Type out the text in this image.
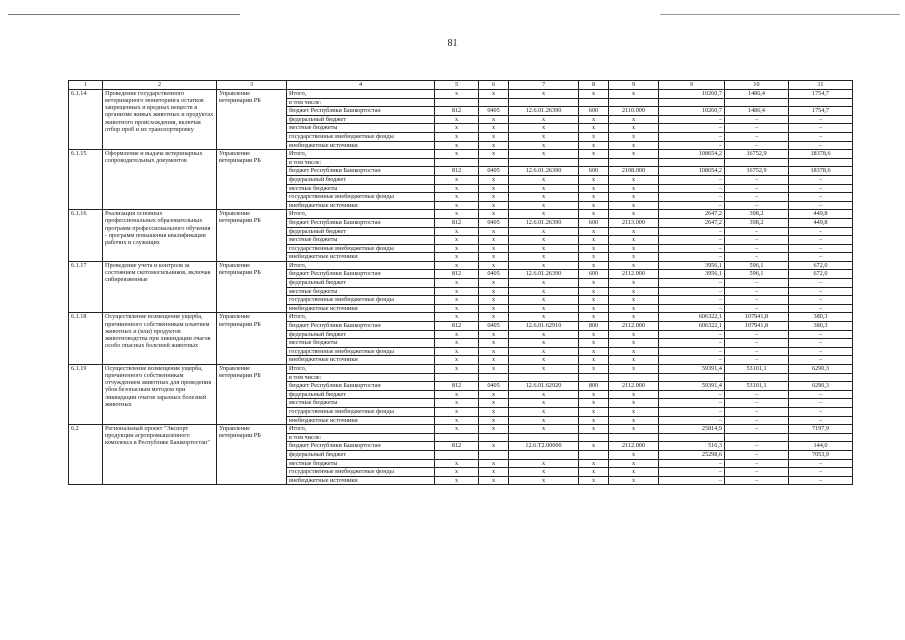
81
1	2	3	4	5	6	7	8	9	9	10	11
6.1.14	Проведение государственного ветеринарного мониторинга остатков запрещенных и вредных веществ в организме живых животных и продуктах животного происхождения, включая отбор проб и их транспортировку	Управление ветеринарии РБ	Итого,	x	x	x	x	x	10260,7	1486,4	1754,7
			в том числе:								
			бюджет Республики Башкортостан	812	0405	12.6.01.26390	600	2110.000	10260,7	1486,4	1754,7
			федеральный бюджет	x	x	x	x	x	–	–	–
			местные бюджеты	x	x	x	x	x	–	–	–
			государственные внебюджетные фонды	x	x	x	x	x	–	–	–
			внебюджетные источники	x	x	x	x	x	–	–	–
6.1.15	Оформление и выдача ветеринарных сопроводительных документов	Управление ветеринарии РБ	Итого,	x	x	x	x	x	108654,2	16752,9	18378,6
			в том числе:								
			бюджет Республики Башкортостан	812	0405	12.6.01.26390	600	2108.000	108654,2	16752,9	18378,6
			федеральный бюджет	x	x	x	x	x	–	–	–
			местные бюджеты	x	x	x	x	x	–	–	–
			государственные внебюджетные фонды	x	x	x	x	x	–	–	–
			внебюджетные источники	x	x	x	x	x	–	–	–
6.1.16	Реализация основных профессиональных образовательных программ профессионального обучения - программ повышения квалификации рабочих и служащих	Управление ветеринарии РБ	Итого,	x	x	x	x	x	2647,2	398,2	449,8
			бюджет Республики Башкортостан	812	0405	12.6.01.26390	600	2113.000	2647,2	398,2	449,8
			федеральный бюджет	x	x	x	x	x	–	–	–
			местные бюджеты	x	x	x	x	x	–	–	–
			государственные внебюджетные фонды	x	x	x	x	x	–	–	–
			внебюджетные источники	x	x	x	x	x	–	–	–
6.1.17	Проведение учета и контроля за состоянием скотомогильников, включая сибиреязвенные	Управление ветеринарии РБ	Итого,	x	x	x	x	x	3956,1	596,1	672,0
			бюджет Республики Башкортостан	812	0405	12.6.01.26390	600	2112.000	3956,1	596,1	672,0
			федеральный бюджет	x	x	x	x	x	–	–	–
			местные бюджеты	x	x	x	x	x	–	–	–
			государственные внебюджетные фонды	x	x	x	x	x	–	–	–
			внебюджетные источники	x	x	x	x	x	–	–	–
6.1.18	Осуществление возмещения ущерба, причиненного собственникам изъятием животных и (или) продуктов животноводства при ликвидации очагов особо опасных болезней животных	Управление ветеринарии РБ	Итого,	x	x	x	x	x	606322,1	107941,8	380,3
			бюджет Республики Башкортостан	812	0405	12.6.01.62910	800	2112.000	606322,1	107941,8	380,3
			федеральный бюджет	x	x	x	x	x	–	–	–
			местные бюджеты	x	x	x	x	x	–	–	–
			государственные внебюджетные фонды	x	x	x	x	x	–	–	–
			внебюджетные источники	x	x	x	x	x	–	–	–
6.1.19	Осуществление возмещения ущерба, причиненного собственникам отчуждением животных для проведения убоя безопасным методом при ликвидации очагов заразных болезней животных	Управление ветеринарии РБ	Итого,	x	x	x	x	x	59391,4	53101,1	6290,3
			в том числе:								
			бюджет Республики Башкортостан	812	0405	12.6.01.62920	800	2112.000	59391,4	53101,1	6290,3
			федеральный бюджет	x	x	x	x	x	–	–	–
			местные бюджеты	x	x	x	x	x	–	–	–
			государственные внебюджетные фонды	x	x	x	x	x	–	–	–
			внебюджетные источники	x	x	x	x	x	–	–	–
6.2	Региональный проект "Экспорт продукции агропромышленного комплекса в Республике Башкортостан"	Управление ветеринарии РБ	Итого,	x	x	x	x	x	25814,9	–	7197,9
			в том числе:								
			бюджет Республики Башкортостан	812	x	12.6.T2.00000	x	2112.000	516,3	–	144,0
			федеральный бюджет					x	25298,6	–	7053,9
			местные бюджеты	x	x	x	x	x	–	–	–
			государственные внебюджетные фонды	x	x	x	x	x	–	–	–
			внебюджетные источники	x	x	x	x	x	–	–	–
